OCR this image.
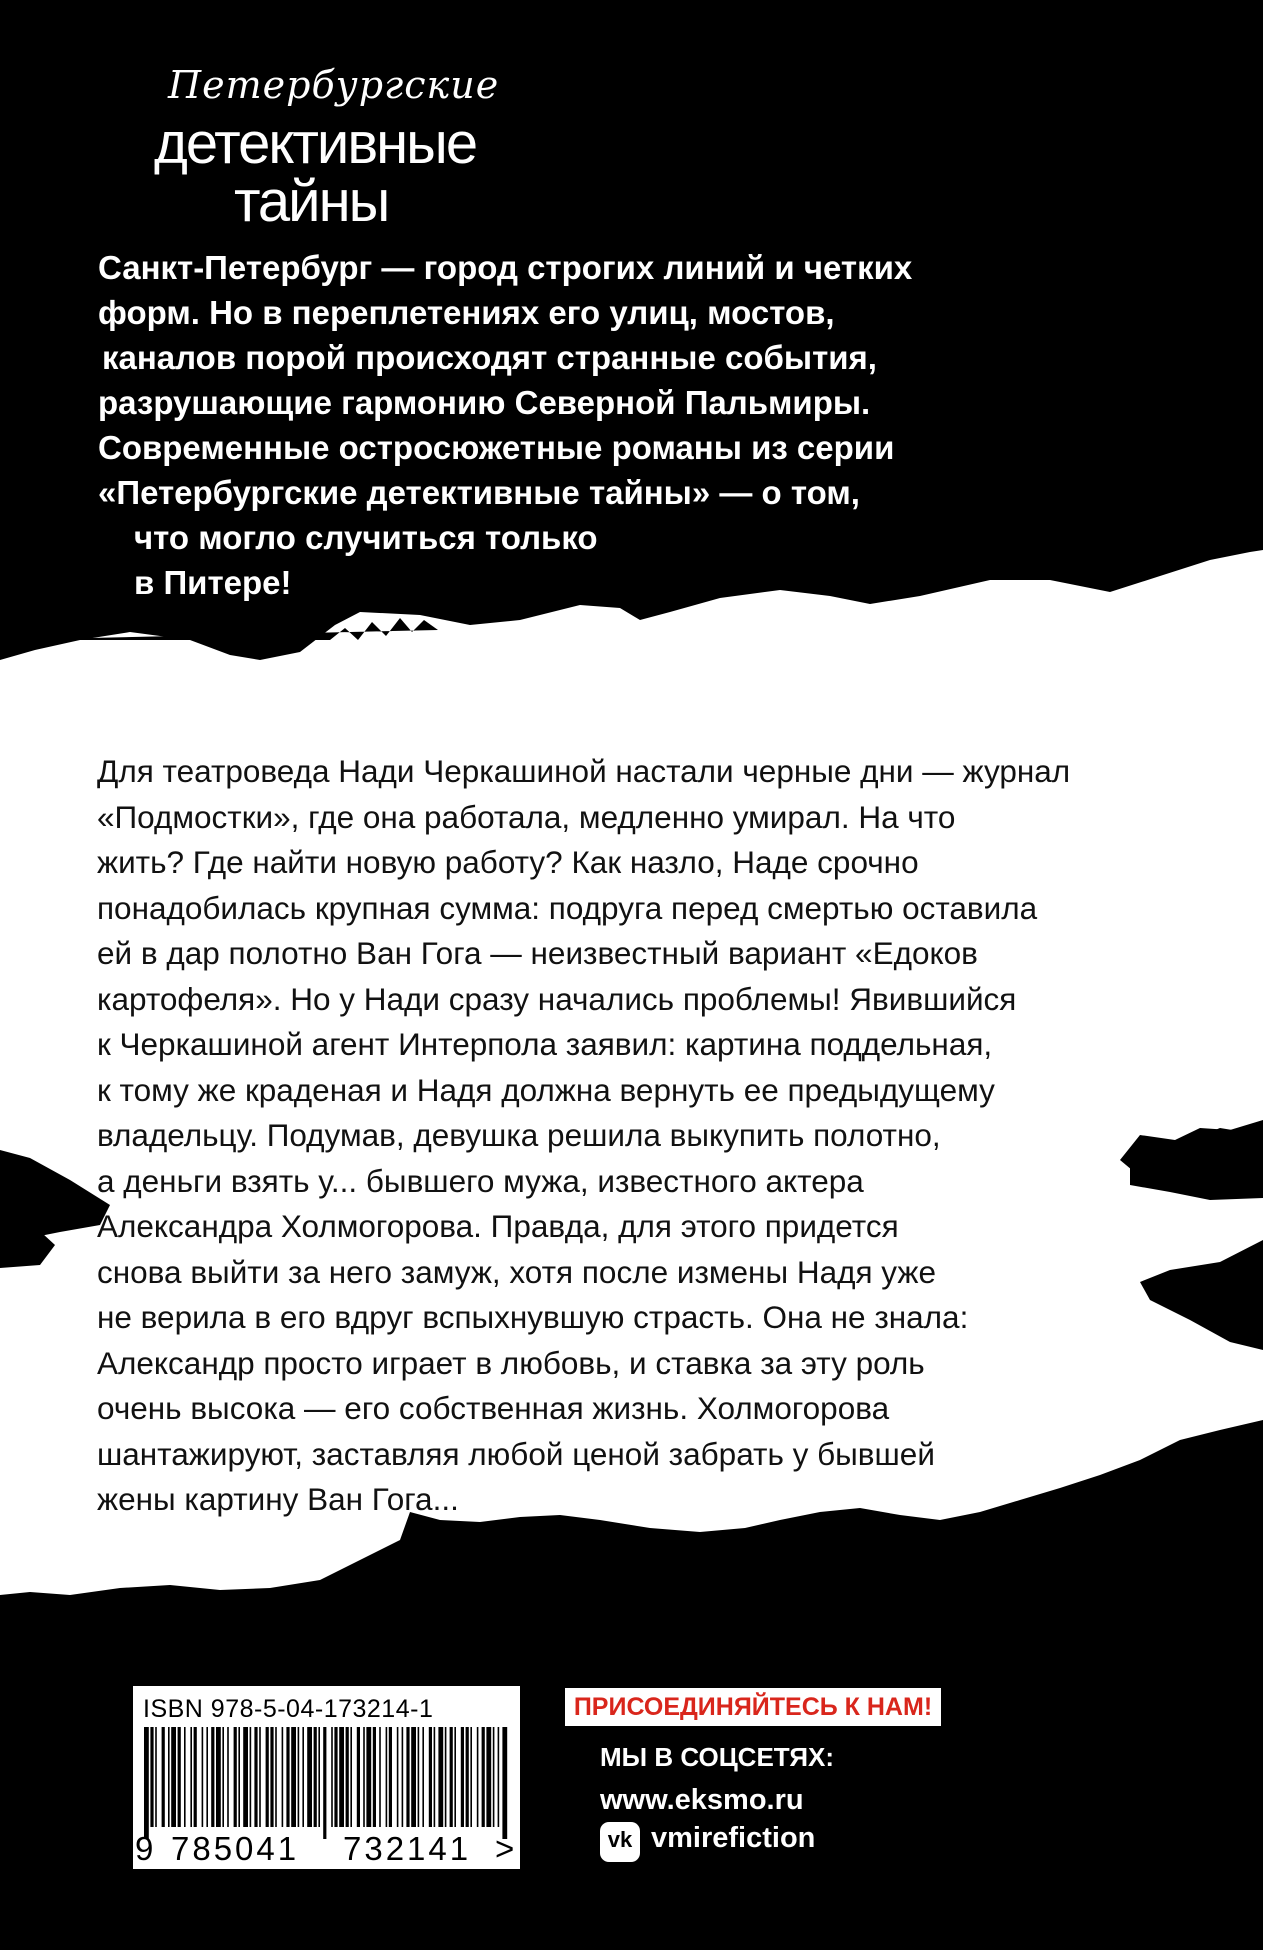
Петербургские
детективные
тайны
Санкт-Петербург — город строгих линий и четких
форм. Но в переплетениях его улиц, мостов,
каналов порой происходят странные события,
разрушающие гармонию Северной Пальмиры.
Современные остросюжетные романы из серии
«Петербургские детективные тайны» — о том,
что могло случиться только
в Питере!
Для театроведа Нади Черкашиной настали черные дни — журнал
«Подмостки», где она работала, медленно умирал. На что
жить? Где найти новую работу? Как назло, Наде срочно
понадобилась крупная сумма: подруга перед смертью оставила
ей в дар полотно Ван Гога — неизвестный вариант «Едоков
картофеля». Но у Нади сразу начались проблемы! Явившийся
к Черкашиной агент Интерпола заявил: картина поддельная,
к тому же краденая и Надя должна вернуть ее предыдущему
владельцу. Подумав, девушка решила выкупить полотно,
а деньги взять у... бывшего мужа, известного актера
Александра Холмогорова. Правда, для этого придется
снова выйти за него замуж, хотя после измены Надя уже
не верила в его вдруг вспыхнувшую страсть. Она не знала:
Александр просто играет в любовь, и ставка за эту роль
очень высока — его собственная жизнь. Холмогорова
шантажируют, заставляя любой ценой забрать у бывшей
жены картину Ван Гога...
ISBN 978-5-04-173214-1
9 785041 732141 >
ПРИСОЕДИНЯЙТЕСЬ К НАМ!
МЫ В СОЦСЕТЯХ:
www.eksmo.ru
vk vmirefiction
